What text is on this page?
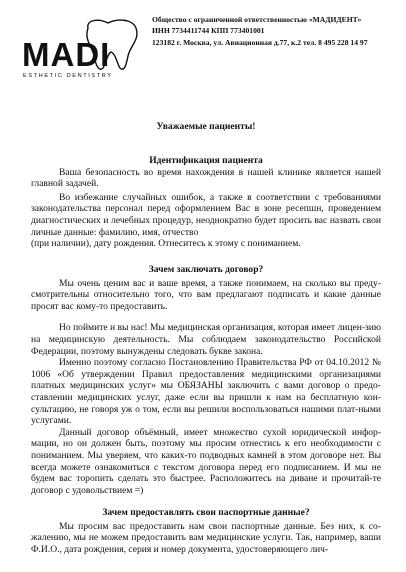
MADI
ESTHETIC DENTISTRY
Общество с ограниченной ответственностью «МАДИДЕНТ»
ИНН 7734411744 КПП 773401001
123182 г. Москва, ул. Авиационная д.77, к.2 тел. 8 495 228 14 97

Уважаемые пациенты!

Идентификация пациента

Ваша безопасность во время нахождения в нашей клинике является нашей главной задачей.

Во избежание случайных ошибок, а также в соответствии с требованиями законодательства персонал перед оформлением Вас в зоне ресепшн, проведением диагностических и лечебных процедур, неоднократно будет просить вас назвать свои личные данные: фамилию, имя, отчество

(при наличии), дату рождения. Отнеситесь к этому с пониманием.

Зачем заключать договор?

Мы очень ценим вас и ваше время, а также понимаем, на сколько вы преду-смотрительны относительно того, что вам предлагают подписать и какие данные просят вас кому-то предоставить.

Но поймите и вы нас! Мы медицинская организация, которая имеет лицен-зию на медицинскую деятельность. Мы соблюдаем законодательство Российской Федерации, поэтому вынуждены следовать букве закона.

Именно поэтому согласно Постановлению Правительства РФ от 04.10.2012 № 1006 «Об утверждении Правил предоставления медицинскими организациями платных медицинских услуг» мы ОБЯЗАНЫ заключить с вами договор о предо-ставлении медицинских услуг, даже если вы пришли к нам на бесплатную кон-сультацию, не говоря уж о том, если вы решили воспользоваться нашими плат-ными услугами.

Данный договор объёмный, имеет множество сухой юридической инфор-мации, но он должен быть, поэтому мы просим отнестись к его необходимости с пониманием. Мы уверяем, что каких-то подводных камней в этом договоре нет. Вы всегда можете ознакомиться с текстом договора перед его подписанием. И мы не будем вас торопить сделать это быстрее. Расположитесь на диване и прочитай-те договор с удовольствием =)

Зачем предоставлять свои паспортные данные?

Мы просим вас предоставить нам свои паспортные данные. Без них, к со-жалению, мы не можем предоставить вам медицинские услуги. Так, например, ваши Ф.И.О., дата рождения, серия и номер документа, удостоверяющего лич-
